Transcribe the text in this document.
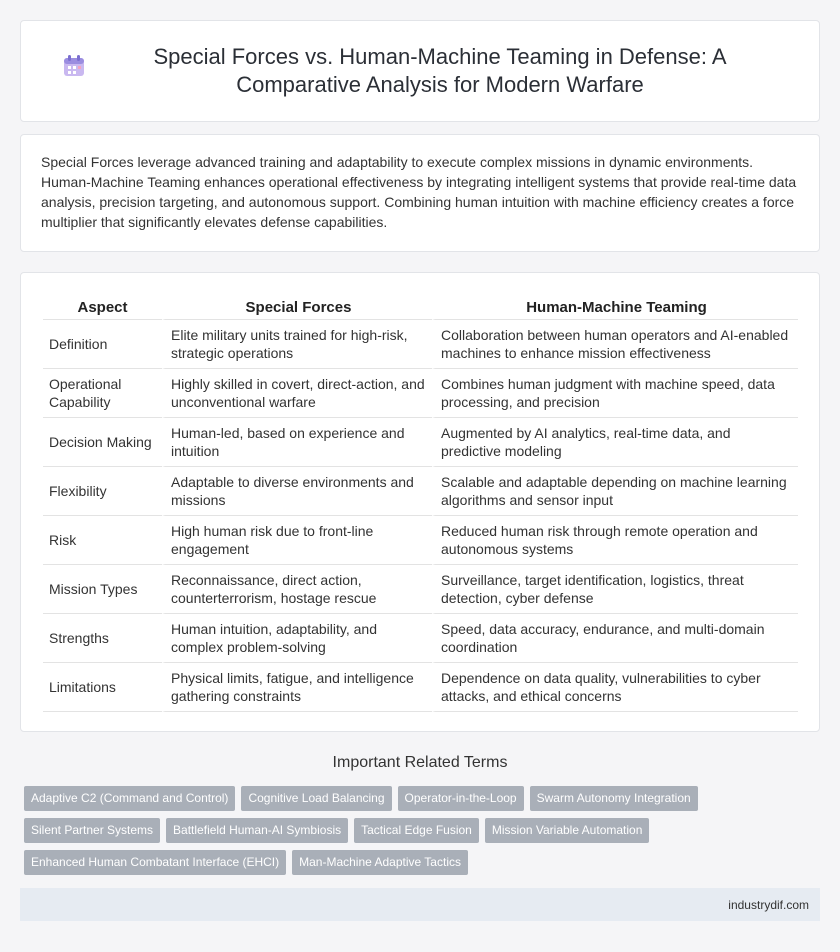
Special Forces vs. Human-Machine Teaming in Defense: A Comparative Analysis for Modern Warfare

Special Forces leverage advanced training and adaptability to execute complex missions in dynamic environments. Human-Machine Teaming enhances operational effectiveness by integrating intelligent systems that provide real-time data analysis, precision targeting, and autonomous support. Combining human intuition with machine efficiency creates a force multiplier that significantly elevates defense capabilities.

Aspect	Special Forces	Human-Machine Teaming
Definition	Elite military units trained for high-risk, strategic operations	Collaboration between human operators and AI-enabled machines to enhance mission effectiveness
Operational Capability	Highly skilled in covert, direct-action, and unconventional warfare	Combines human judgment with machine speed, data processing, and precision
Decision Making	Human-led, based on experience and intuition	Augmented by AI analytics, real-time data, and predictive modeling
Flexibility	Adaptable to diverse environments and missions	Scalable and adaptable depending on machine learning algorithms and sensor input
Risk	High human risk due to front-line engagement	Reduced human risk through remote operation and autonomous systems
Mission Types	Reconnaissance, direct action, counterterrorism, hostage rescue	Surveillance, target identification, logistics, threat detection, cyber defense
Strengths	Human intuition, adaptability, and complex problem-solving	Speed, data accuracy, endurance, and multi-domain coordination
Limitations	Physical limits, fatigue, and intelligence gathering constraints	Dependence on data quality, vulnerabilities to cyber attacks, and ethical concerns
Important Related Terms
Adaptive C2 (Command and Control)	Cognitive Load Balancing	Operator-in-the-Loop	Swarm Autonomy Integration
Silent Partner Systems	Battlefield Human-AI Symbiosis	Tactical Edge Fusion	Mission Variable Automation
Enhanced Human Combatant Interface (EHCI)	Man-Machine Adaptive Tactics
industrydif.com
